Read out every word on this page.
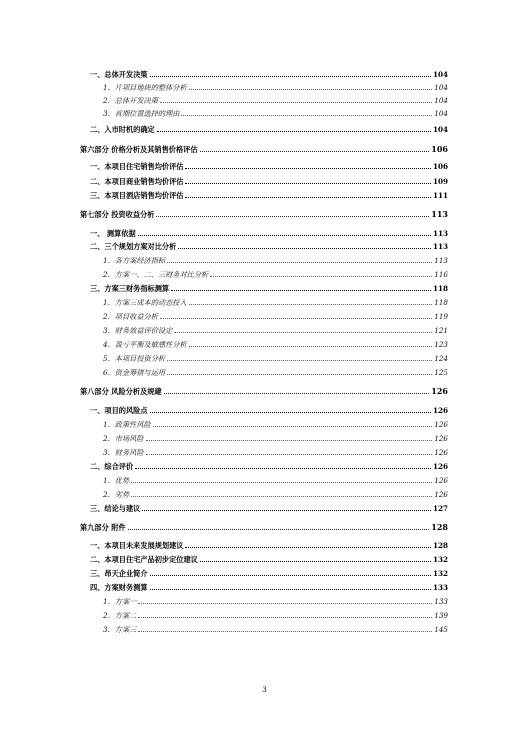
一、总体开发决策	104
1．片项目地块的整体分析	104
2．总体开发决策	104
3．首期位置选择的理由	104
二、入市时机的确定	104
第六部分 价格分析及其销售价格评估	106
一、本项目住宅销售均价评估	106
二、本项目商业销售均价评估	109
三、本项目酒店销售均价评估	111
第七部分 投资收益分析	113
一、 测算依据	113
二、三个规划方案对比分析	113
1．各方案经济指标	113
2．方案一、二、三财务对比分析	116
三、方案三财务指标测算	118
1．方案三成本的动态投入	118
2．项目收益分析	119
3．财务效益评价设定	121
4．盈亏平衡及敏感性分析	123
5．本项目投资分析	124
6．资金筹措与运用	125
第八部分 风险分析及规避	126
一、项目的风险点	126
1．政策性风险	126
2．市场风险	126
3．财务风险	126
二、综合评价	126
1．优势	126
2．劣势	126
三、结论与建议	127
第九部分 附件	128
一、本项目未来发展规划建议	128
二、本项目住宅产品初步定位建议	132
三、昂天企业简介	132
四、方案财务测算	133
1．方案一	133
2．方案二	139
3．方案三	145
3
